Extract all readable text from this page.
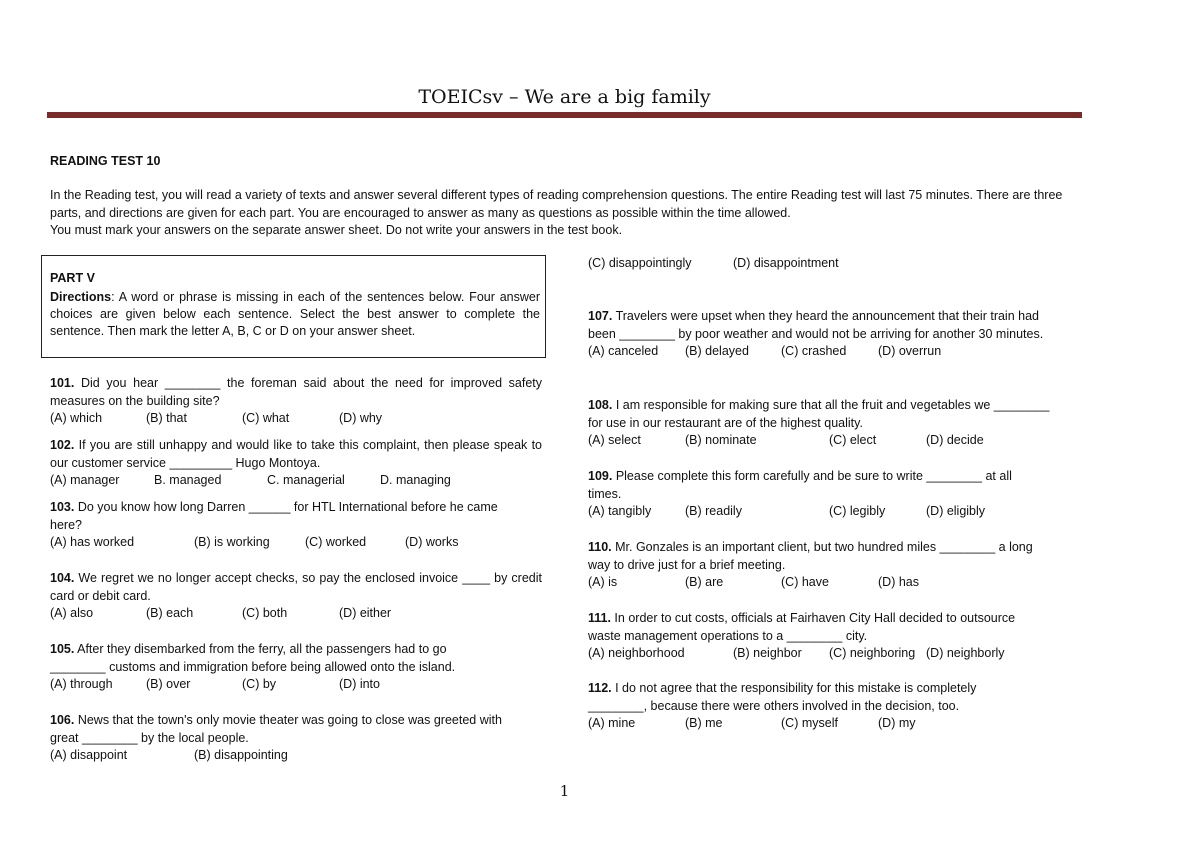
TOEICsv – We are a big family
READING TEST 10

In the Reading test, you will read a variety of texts and answer several different types of reading comprehension questions. The entire Reading test will last 75 minutes. There are three parts, and directions are given for each part. You are encouraged to answer as many as questions as possible within the time allowed.

You must mark your answers on the separate answer sheet. Do not write your answers in the test book.

PART V
Directions: A word or phrase is missing in each of the sentences below. Four answer choices are given below each sentence. Select the best answer to complete the sentence. Then mark the letter A, B, C or D on your answer sheet.

101. Did you hear ________ the foreman said about the need for improved safety measures on the building site?

(A) which	(B) that	(C) what	(D) why

102. If you are still unhappy and would like to take this complaint, then please speak to our customer service _________ Hugo Montoya.

(A) manager	B. managed	C. managerial	D. managing

103. Do you know how long Darren ______ for HTL International before he came here?

(A) has worked	(B) is working	(C) worked	(D) works

104. We regret we no longer accept checks, so pay the enclosed invoice ____ by credit card or debit card.

(A) also	(B) each	(C) both	(D) either

105. After they disembarked from the ferry, all the passengers had to go ________ customs and immigration before being allowed onto the island.

(A) through	(B) over	(C) by	(D) into

106. News that the town's only movie theater was going to close was greeted with great ________ by the local people.

(A) disappoint	(B) disappointing
(C) disappointingly	(D) disappointment

107. Travelers were upset when they heard the announcement that their train had been ________ by poor weather and would not be arriving for another 30 minutes.

(A) canceled (B) delayed	(C) crashed	(D) overrun

108. I am responsible for making sure that all the fruit and vegetables we ________ for use in our restaurant are of the highest quality.

(A) select	(B) nominate	(C) elect	(D) decide

109. Please complete this form carefully and be sure to write ________ at all times.

(A) tangibly	(B) readily	(C) legibly	(D) eligibly

110. Mr. Gonzales is an important client, but two hundred miles ________ a long way to drive just for a brief meeting.

(A) is	(B) are	(C) have	(D) has

111. In order to cut costs, officials at Fairhaven City Hall decided to outsource waste management operations to a ________ city.

(A) neighborhood	(B) neighbor (C) neighboring (D) neighborly

112. I do not agree that the responsibility for this mistake is completely ________, because there were others involved in the decision, too.

(A) mine	(B) me	(C) myself	(D) my
1
